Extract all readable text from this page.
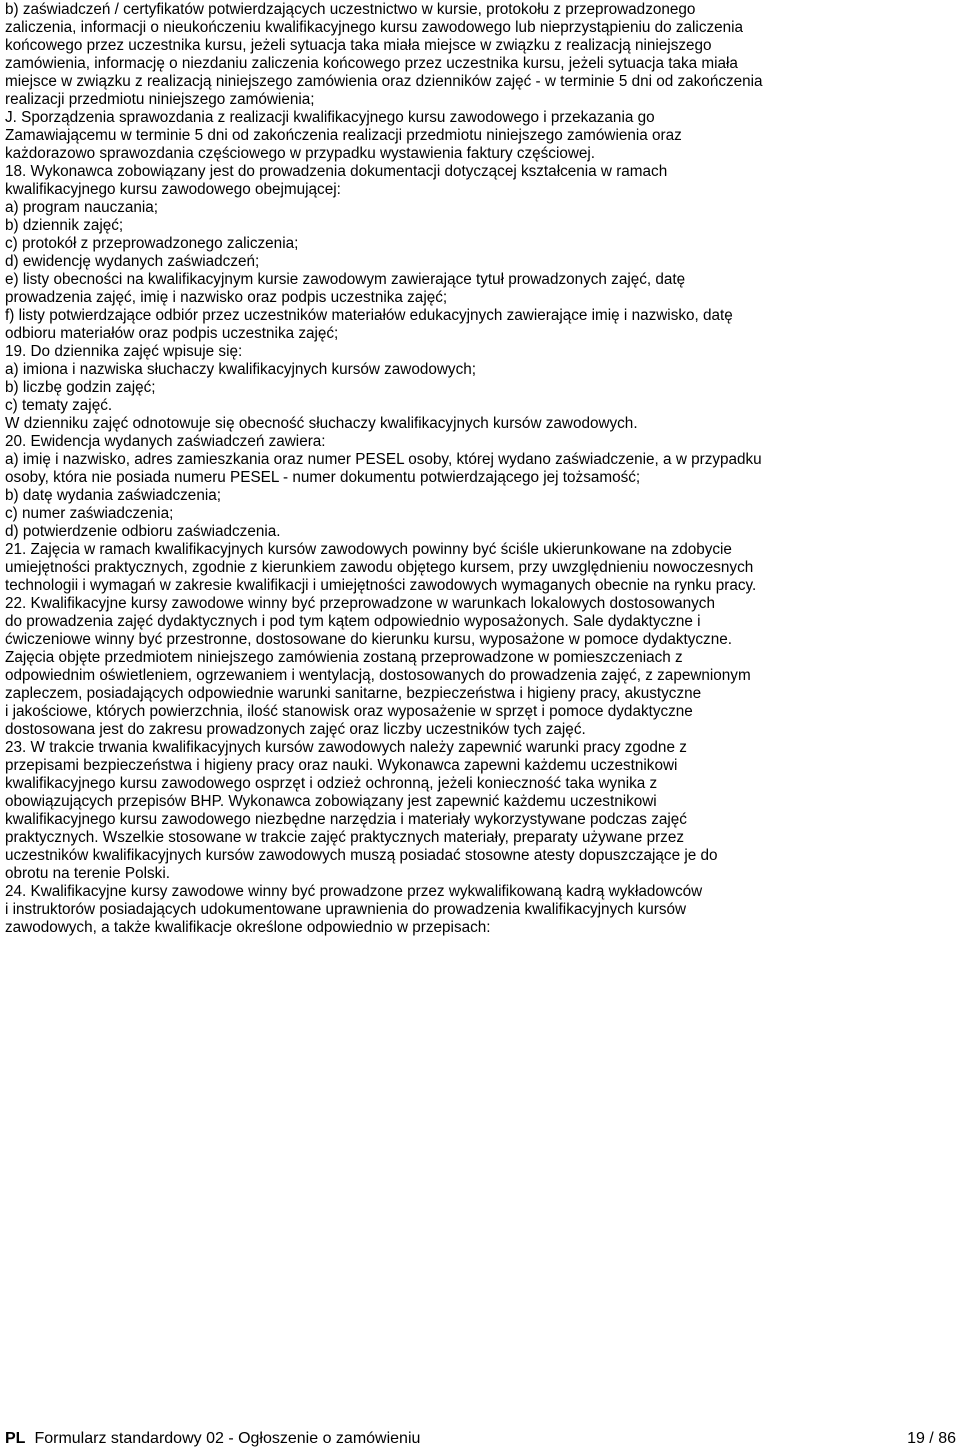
b) zaświadczeń / certyfikatów potwierdzających uczestnictwo w kursie, protokołu z przeprowadzonego
zaliczenia, informacji o nieukończeniu kwalifikacyjnego kursu zawodowego lub nieprzystąpieniu do zaliczenia
końcowego przez uczestnika kursu, jeżeli sytuacja taka miała miejsce w związku z realizacją niniejszego
zamówienia, informację o niezdaniu zaliczenia końcowego przez uczestnika kursu, jeżeli sytuacja taka miała
miejsce w związku z realizacją niniejszego zamówienia oraz dzienników zajęć - w terminie 5 dni od zakończenia
realizacji przedmiotu niniejszego zamówienia;
J. Sporządzenia sprawozdania z realizacji kwalifikacyjnego kursu zawodowego i przekazania go
Zamawiającemu w terminie 5 dni od zakończenia realizacji przedmiotu niniejszego zamówienia oraz
każdorazowo sprawozdania częściowego w przypadku wystawienia faktury częściowej.
18. Wykonawca zobowiązany jest do prowadzenia dokumentacji dotyczącej kształcenia w ramach
kwalifikacyjnego kursu zawodowego obejmującej:
a) program nauczania;
b) dziennik zajęć;
c) protokół z przeprowadzonego zaliczenia;
d) ewidencję wydanych zaświadczeń;
e) listy obecności na kwalifikacyjnym kursie zawodowym zawierające tytuł prowadzonych zajęć, datę
prowadzenia zajęć, imię i nazwisko oraz podpis uczestnika zajęć;
f) listy potwierdzające odbiór przez uczestników materiałów edukacyjnych zawierające imię i nazwisko, datę
odbioru materiałów oraz podpis uczestnika zajęć;
19. Do dziennika zajęć wpisuje się:
a) imiona i nazwiska słuchaczy kwalifikacyjnych kursów zawodowych;
b) liczbę godzin zajęć;
c) tematy zajęć.
W dzienniku zajęć odnotowuje się obecność słuchaczy kwalifikacyjnych kursów zawodowych.
20. Ewidencja wydanych zaświadczeń zawiera:
a) imię i nazwisko, adres zamieszkania oraz numer PESEL osoby, której wydano zaświadczenie, a w przypadku
osoby, która nie posiada numeru PESEL - numer dokumentu potwierdzającego jej tożsamość;
b) datę wydania zaświadczenia;
c) numer zaświadczenia;
d) potwierdzenie odbioru zaświadczenia.
21. Zajęcia w ramach kwalifikacyjnych kursów zawodowych powinny być ściśle ukierunkowane na zdobycie
umiejętności praktycznych, zgodnie z kierunkiem zawodu objętego kursem, przy uwzględnieniu nowoczesnych
technologii i wymagań w zakresie kwalifikacji i umiejętności zawodowych wymaganych obecnie na rynku pracy.
22. Kwalifikacyjne kursy zawodowe winny być przeprowadzone w warunkach lokalowych dostosowanych
do prowadzenia zajęć dydaktycznych i pod tym kątem odpowiednio wyposażonych. Sale dydaktyczne i
ćwiczeniowe winny być przestronne, dostosowane do kierunku kursu, wyposażone w pomoce dydaktyczne.
Zajęcia objęte przedmiotem niniejszego zamówienia zostaną przeprowadzone w pomieszczeniach z
odpowiednim oświetleniem, ogrzewaniem i wentylacją, dostosowanych do prowadzenia zajęć, z zapewnionym
zapleczem, posiadających odpowiednie warunki sanitarne, bezpieczeństwa i higieny pracy, akustyczne
i jakościowe, których powierzchnia, ilość stanowisk oraz wyposażenie w sprzęt i pomoce dydaktyczne
dostosowana jest do zakresu prowadzonych zajęć oraz liczby uczestników tych zajęć.
23. W trakcie trwania kwalifikacyjnych kursów zawodowych należy zapewnić warunki pracy zgodne z
przepisami bezpieczeństwa i higieny pracy oraz nauki. Wykonawca zapewni każdemu uczestnikowi
kwalifikacyjnego kursu zawodowego osprzęt i odzież ochronną, jeżeli konieczność taka wynika z
obowiązujących przepisów BHP. Wykonawca zobowiązany jest zapewnić każdemu uczestnikowi
kwalifikacyjnego kursu zawodowego niezbędne narzędzia i materiały wykorzystywane podczas zajęć
praktycznych. Wszelkie stosowane w trakcie zajęć praktycznych materiały, preparaty używane przez
uczestników kwalifikacyjnych kursów zawodowych muszą posiadać stosowne atesty dopuszczające je do
obrotu na terenie Polski.
24. Kwalifikacyjne kursy zawodowe winny być prowadzone przez wykwalifikowaną kadrą wykładowców
i instruktorów posiadających udokumentowane uprawnienia do prowadzenia kwalifikacyjnych kursów
zawodowych, a także kwalifikacje określone odpowiednio w przepisach:
PL Formularz standardowy 02 - Ogłoszenie o zamówieniu	19 / 86
